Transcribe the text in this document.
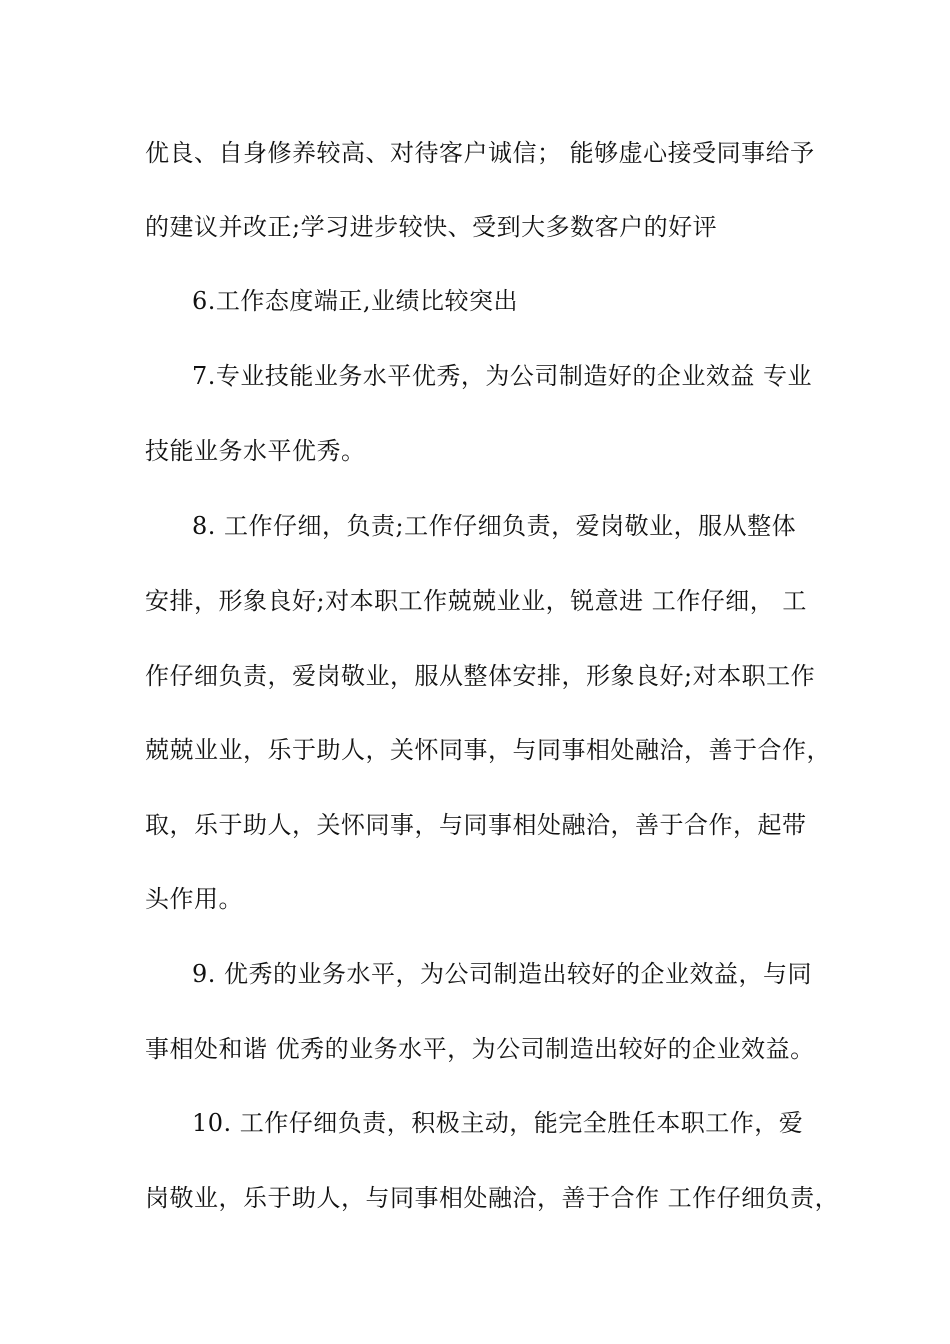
优良、自身修养较高、对待客户诚信； 能够虚心接受同事给予
的建议并改正;学习进步较快、受到大多数客户的好评
6.工作态度端正,业绩比较突出
7.专业技能业务水平优秀，为公司制造好的企业效益 专业
技能业务水平优秀。
8. 工作仔细，负责;工作仔细负责，爱岗敬业，服从整体
安排，形象良好;对本职工作兢兢业业，锐意进 工作仔细， 工
作仔细负责，爱岗敬业，服从整体安排，形象良好;对本职工作
兢兢业业，乐于助人，关怀同事，与同事相处融洽，善于合作，
取，乐于助人，关怀同事，与同事相处融洽，善于合作，起带
头作用。
9. 优秀的业务水平，为公司制造出较好的企业效益，与同
事相处和谐 优秀的业务水平，为公司制造出较好的企业效益。
10. 工作仔细负责，积极主动，能完全胜任本职工作，爱
岗敬业，乐于助人，与同事相处融洽，善于合作 工作仔细负责，
